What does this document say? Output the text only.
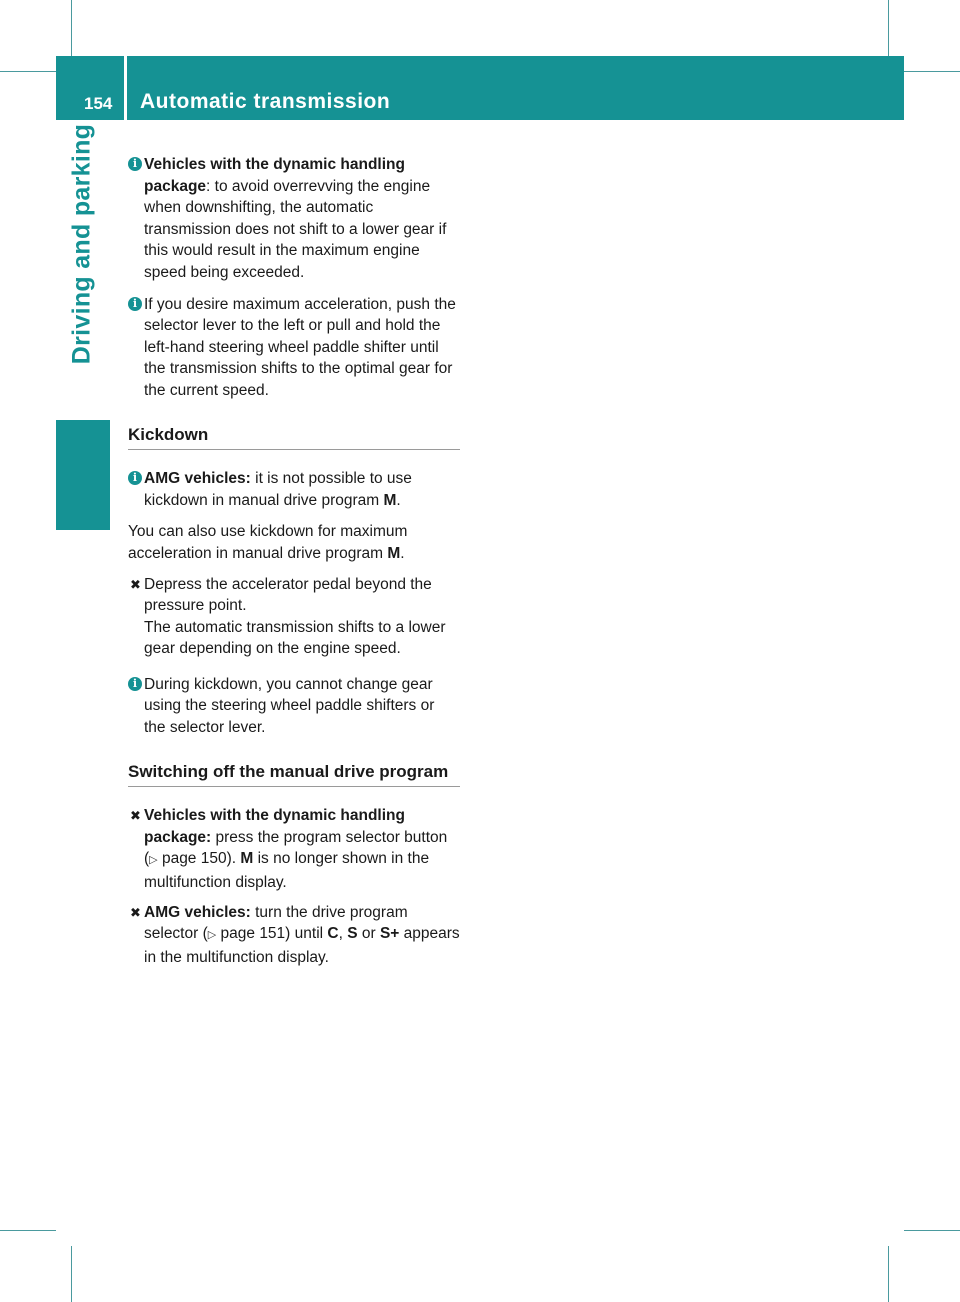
154 Automatic transmission
Driving and parking	i Vehicles with the dynamic handling package: to avoid overrevving the engine when downshifting, the automatic transmission does not shift to a lower gear if this would result in the maximum engine speed being exceeded.
i If you desire maximum acceleration, push the selector lever to the left or pull and hold the left-hand steering wheel paddle shifter until the transmission shifts to the optimal gear for the current speed.
Kickdown
i AMG vehicles: it is not possible to use kickdown in manual drive program M.
You can also use kickdown for maximum acceleration in manual drive program M.
✖ Depress the accelerator pedal beyond the pressure point.
The automatic transmission shifts to a lower gear depending on the engine speed.
i During kickdown, you cannot change gear using the steering wheel paddle shifters or the selector lever.
Switching off the manual drive program
✖ Vehicles with the dynamic handling package: press the program selector button (▷ page 150). M is no longer shown in the multifunction display.
✖ AMG vehicles: turn the drive program selector (▷ page 151) until C, S or S+ appears in the multifunction display.
